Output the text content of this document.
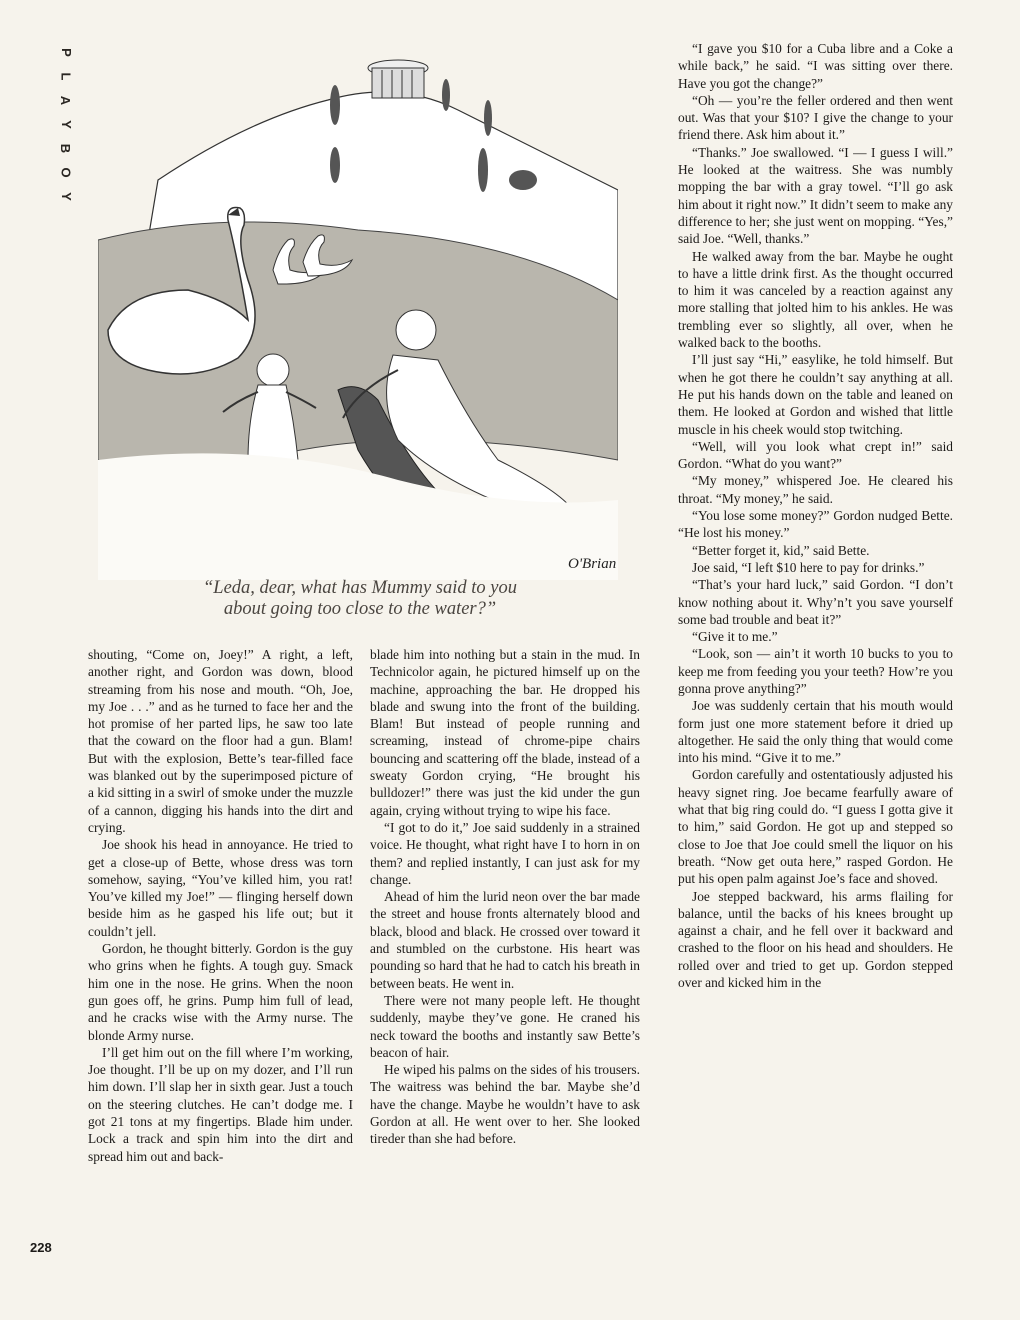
P
L
A
Y
B
O
Y
O'Brian
“Leda, dear, what has Mummy said to you
about going too close to the water?”

shouting, “Come on, Joey!” A right, a left, another right, and Gordon was down, blood streaming from his nose and mouth. “Oh, Joe, my Joe . . .” and as he turned to face her and the hot promise of her parted lips, he saw too late that the coward on the floor had a gun. Blam! But with the explosion, Bette’s tear-filled face was blanked out by the superimposed picture of a kid sitting in a swirl of smoke under the muzzle of a cannon, digging his hands into the dirt and crying.

Joe shook his head in annoyance. He tried to get a close-up of Bette, whose dress was torn somehow, saying, “You’ve killed him, you rat! You’ve killed my Joe!” — flinging herself down beside him as he gasped his life out; but it couldn’t jell.

Gordon, he thought bitterly. Gordon is the guy who grins when he fights. A tough guy. Smack him one in the nose. He grins. When the noon gun goes off, he grins. Pump him full of lead, and he cracks wise with the Army nurse. The blonde Army nurse.

I’ll get him out on the fill where I’m working, Joe thought. I’ll be up on my dozer, and I’ll run him down. I’ll slap her in sixth gear. Just a touch on the steering clutches. He can’t dodge me. I got 21 tons at my fingertips. Blade him under. Lock a track and spin him into the dirt and spread him out and back-

blade him into nothing but a stain in the mud. In Technicolor again, he pictured himself up on the machine, approaching the bar. He dropped his blade and swung into the front of the building. Blam! But instead of people running and screaming, instead of chrome-pipe chairs bouncing and scattering off the blade, instead of a sweaty Gordon crying, “He brought his bulldozer!” there was just the kid under the gun again, crying without trying to wipe his face.

“I got to do it,” Joe said suddenly in a strained voice. He thought, what right have I to horn in on them? and replied instantly, I can just ask for my change.

Ahead of him the lurid neon over the bar made the street and house fronts alternately blood and black, blood and black. He crossed over toward it and stumbled on the curbstone. His heart was pounding so hard that he had to catch his breath in between beats. He went in.

There were not many people left. He thought suddenly, maybe they’ve gone. He craned his neck toward the booths and instantly saw Bette’s beacon of hair.

He wiped his palms on the sides of his trousers. The waitress was behind the bar. Maybe she’d have the change. Maybe he wouldn’t have to ask Gordon at all. He went over to her. She looked tireder than she had before.

“I gave you $10 for a Cuba libre and a Coke a while back,” he said. “I was sitting over there. Have you got the change?”

“Oh — you’re the feller ordered and then went out. Was that your $10? I give the change to your friend there. Ask him about it.”

“Thanks.” Joe swallowed. “I — I guess I will.” He looked at the waitress. She was numbly mopping the bar with a gray towel. “I’ll go ask him about it right now.” It didn’t seem to make any difference to her; she just went on mopping. “Yes,” said Joe. “Well, thanks.”

He walked away from the bar. Maybe he ought to have a little drink first. As the thought occurred to him it was canceled by a reaction against any more stalling that jolted him to his ankles. He was trembling ever so slightly, all over, when he walked back to the booths.

I’ll just say “Hi,” easylike, he told himself. But when he got there he couldn’t say anything at all. He put his hands down on the table and leaned on them. He looked at Gordon and wished that little muscle in his cheek would stop twitching.

“Well, will you look what crept in!” said Gordon. “What do you want?”

“My money,” whispered Joe. He cleared his throat. “My money,” he said.

“You lose some money?” Gordon nudged Bette. “He lost his money.”

“Better forget it, kid,” said Bette.

Joe said, “I left $10 here to pay for drinks.”

“That’s your hard luck,” said Gordon. “I don’t know nothing about it. Why’n’t you save yourself some bad trouble and beat it?”

“Give it to me.”

“Look, son — ain’t it worth 10 bucks to you to keep me from feeding you your teeth? How’re you gonna prove anything?”

Joe was suddenly certain that his mouth would form just one more statement before it dried up altogether. He said the only thing that would come into his mind. “Give it to me.”

Gordon carefully and ostentatiously adjusted his heavy signet ring. Joe became fearfully aware of what that big ring could do. “I guess I gotta give it to him,” said Gordon. He got up and stepped so close to Joe that Joe could smell the liquor on his breath. “Now get outa here,” rasped Gordon. He put his open palm against Joe’s face and shoved.

Joe stepped backward, his arms flailing for balance, until the backs of his knees brought up against a chair, and he fell over it backward and crashed to the floor on his head and shoulders. He rolled over and tried to get up. Gordon stepped over and kicked him in the

228
